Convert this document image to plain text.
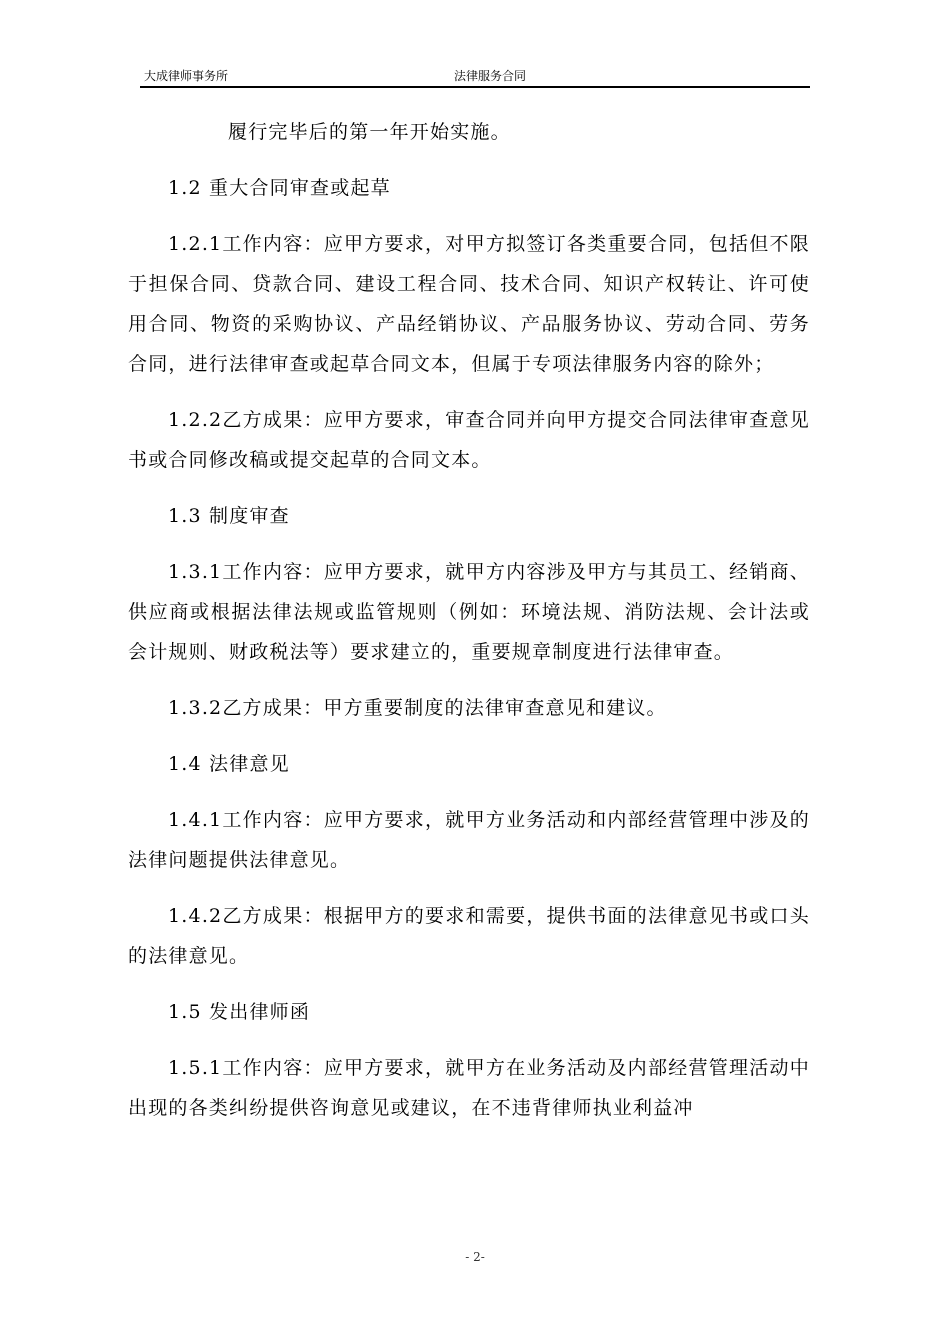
大成律师事务所	法律服务合同

履行完毕后的第一年开始实施。

1.2 重大合同审查或起草

1.2.1工作内容：应甲方要求，对甲方拟签订各类重要合同，包括但不限于担保合同、贷款合同、建设工程合同、技术合同、知识产权转让、许可使用合同、物资的采购协议、产品经销协议、产品服务协议、劳动合同、劳务合同，进行法律审查或起草合同文本，但属于专项法律服务内容的除外；

1.2.2乙方成果：应甲方要求，审查合同并向甲方提交合同法律审查意见书或合同修改稿或提交起草的合同文本。

1.3 制度审查

1.3.1工作内容：应甲方要求，就甲方内容涉及甲方与其员工、经销商、供应商或根据法律法规或监管规则（例如：环境法规、消防法规、会计法或会计规则、财政税法等）要求建立的，重要规章制度进行法律审查。

1.3.2乙方成果：甲方重要制度的法律审查意见和建议。

1.4 法律意见

1.4.1工作内容：应甲方要求，就甲方业务活动和内部经营管理中涉及的法律问题提供法律意见。

1.4.2乙方成果：根据甲方的要求和需要，提供书面的法律意见书或口头的法律意见。

1.5 发出律师函

1.5.1工作内容：应甲方要求，就甲方在业务活动及内部经营管理活动中出现的各类纠纷提供咨询意见或建议，在不违背律师执业利益冲

- 2-
